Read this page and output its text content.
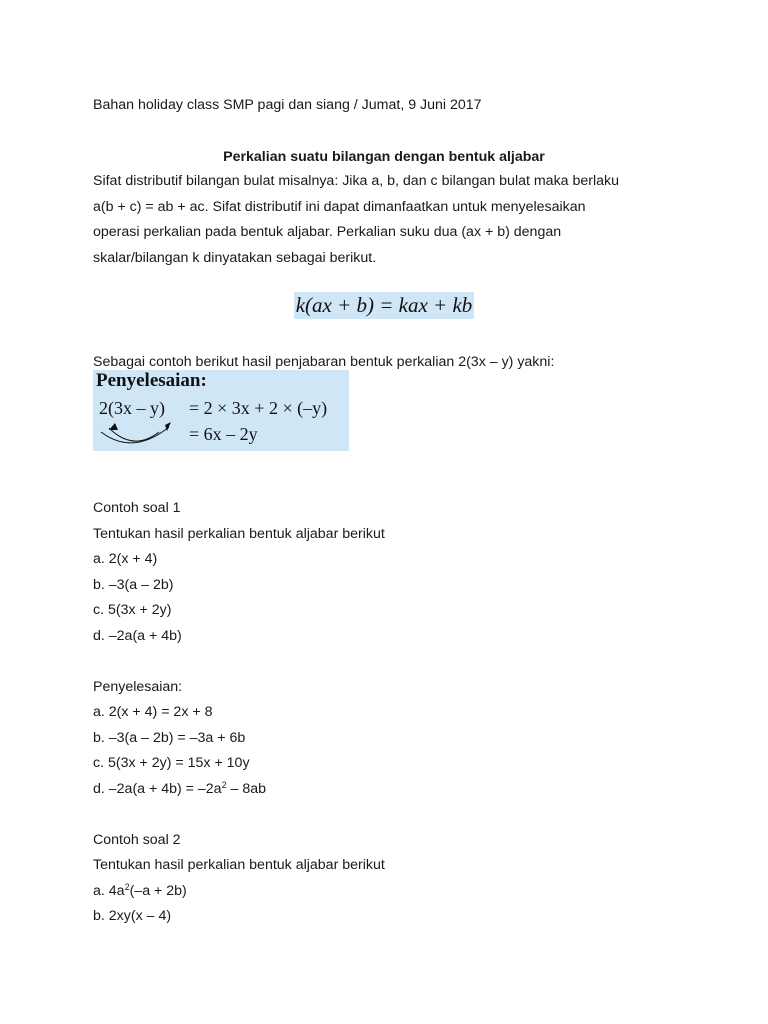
Bahan holiday class SMP pagi dan siang / Jumat, 9 Juni 2017
Perkalian suatu bilangan dengan bentuk aljabar
Sifat distributif bilangan bulat misalnya: Jika a, b, dan c bilangan bulat maka berlaku
a(b + c) = ab + ac. Sifat distributif ini dapat dimanfaatkan untuk menyelesaikan
operasi perkalian pada bentuk aljabar. Perkalian suku dua (ax + b) dengan
skalar/bilangan k dinyatakan sebagai berikut.
k(ax + b) = kax + kb
Sebagai contoh berikut hasil penjabaran bentuk perkalian 2(3x – y) yakni:
Penyelesaian:
2(3x – y) = 2 × 3x + 2 × (–y)
= 6x – 2y
Contoh soal 1
Tentukan hasil perkalian bentuk aljabar berikut
a. 2(x + 4)
b. –3(a – 2b)
c. 5(3x + 2y)
d. –2a(a + 4b)
Penyelesaian:
a. 2(x + 4) = 2x + 8
b. –3(a – 2b) = –3a + 6b
c. 5(3x + 2y) = 15x + 10y
d. $-2a(a + 4b) = -2a^2 - 8ab$
Contoh soal 2
Tentukan hasil perkalian bentuk aljabar berikut
a. $4a^2(-a + 2b)$
b. 2xy(x – 4)
